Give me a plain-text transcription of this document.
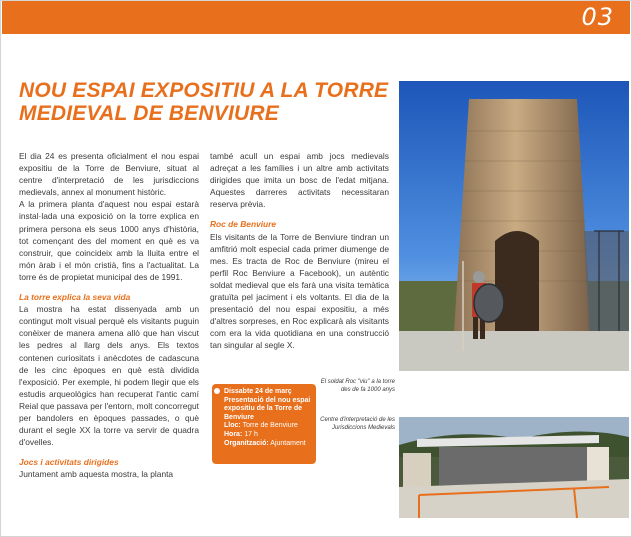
03
NOU ESPAI EXPOSITIU A LA TORRE
MEDIEVAL DE BENVIURE

El dia 24 es presenta oficialment el nou espai expositiu de la Torre de Benviure, situat al centre d'interpretació de les jurisdiccions medievals, annex al monument històric.

A la primera planta d'aquest nou espai estarà instal·lada una exposició on la torre explica en primera persona els seus 1000 anys d'història, tot començant des del moment en què es va construir, que coincideix amb la lluita entre el món àrab i el món cristià, fins a l'actualitat. La torre és de propietat municipal des de 1991.

La torre explica la seva vida

La mostra ha estat dissenyada amb un contingut molt visual perquè els visitants puguin conèixer de manera amena allò que han viscut les pedres al llarg dels anys. Els textos contenen curiositats i anècdotes de cadascuna de les cinc èpoques en què està dividida l'exposició. Per exemple, hi podem llegir que els estudis arqueològics han recuperat l'antic camí Reial que passava per l'entorn, molt concorregut per bandolers en èpoques passades, o què durant el segle XX la torre va servir de quadra d'ovelles.

Jocs i activitats dirigides

Juntament amb aquesta mostra, la planta

també acull un espai amb jocs medievals adreçat a les famílies i un altre amb activitats dirigides que imita un bosc de l'edat mitjana. Aquestes darreres activitats necessitaran reserva prèvia.

Roc de Benviure

Els visitants de la Torre de Benviure tindran un amfitrió molt especial cada primer diumenge de mes. Es tracta de Roc de Benviure (mireu el perfil Roc Benviure a Facebook), un autèntic soldat medieval que els farà una visita temàtica gratuïta pel jaciment i els voltants. El dia de la presentació del nou espai expositiu, a més d'altres sorpreses, en Roc explicarà als visitants com era la vida quotidiana en una construcció tan singular al segle X.

Dissabte 24 de març
Presentació del nou espai expositiu de la Torre de Benviure
Lloc: Torre de Benviure
Hora: 17 h
Organització: Ajuntament
El soldat Roc "viu" a la torre des de fa 1000 anys
Centre d'interpretació de les Jurisdiccions Medievals
